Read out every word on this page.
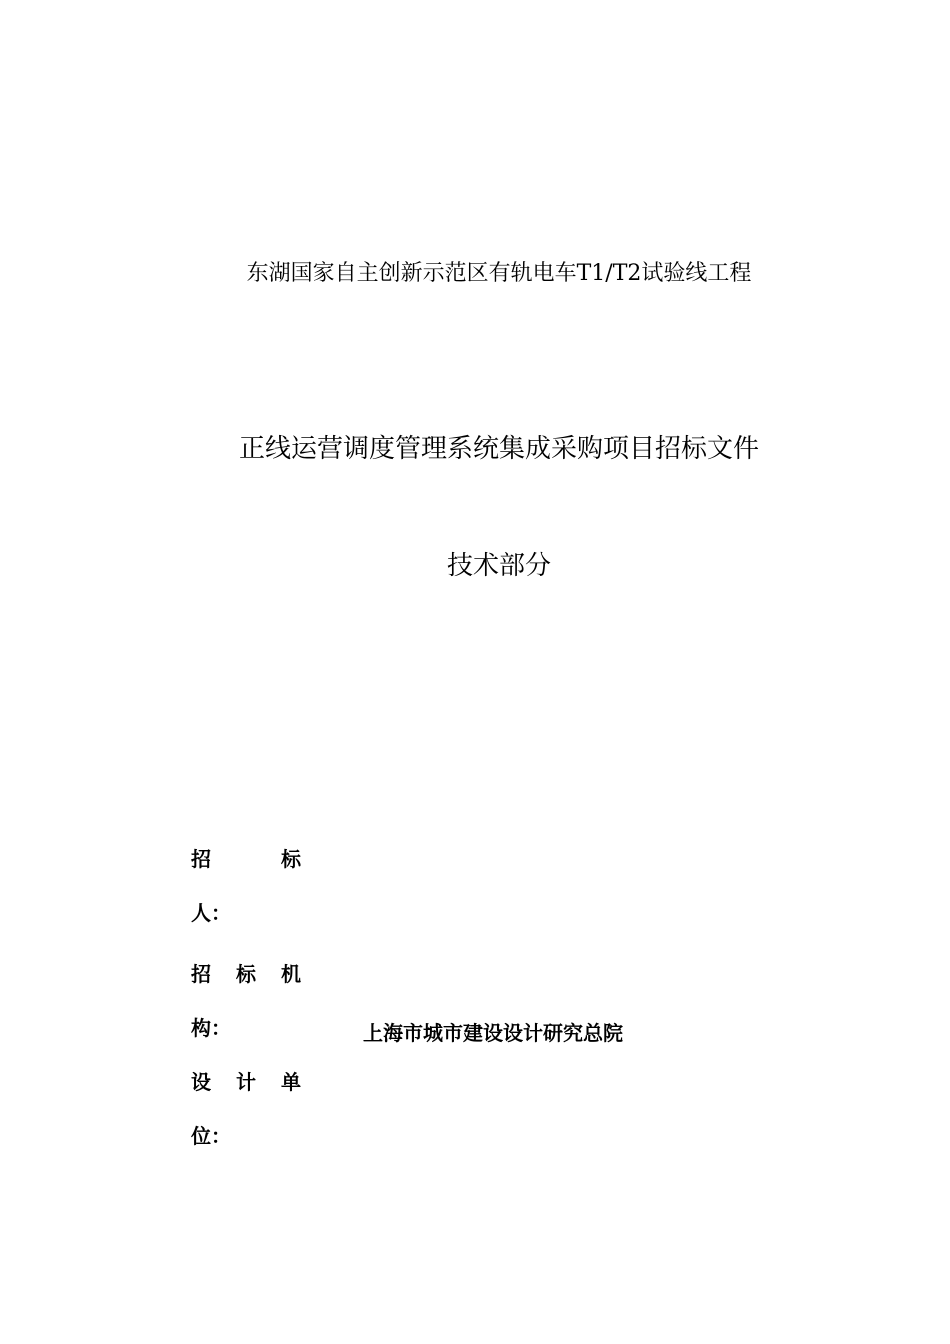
东湖国家自主创新示范区有轨电车T1/T2试验线工程
正线运营调度管理系统集成采购项目招标文件
技术部分
招	标
人：
招 标 机
构：	上海市城市建设设计研究总院
设 计 单
位：
